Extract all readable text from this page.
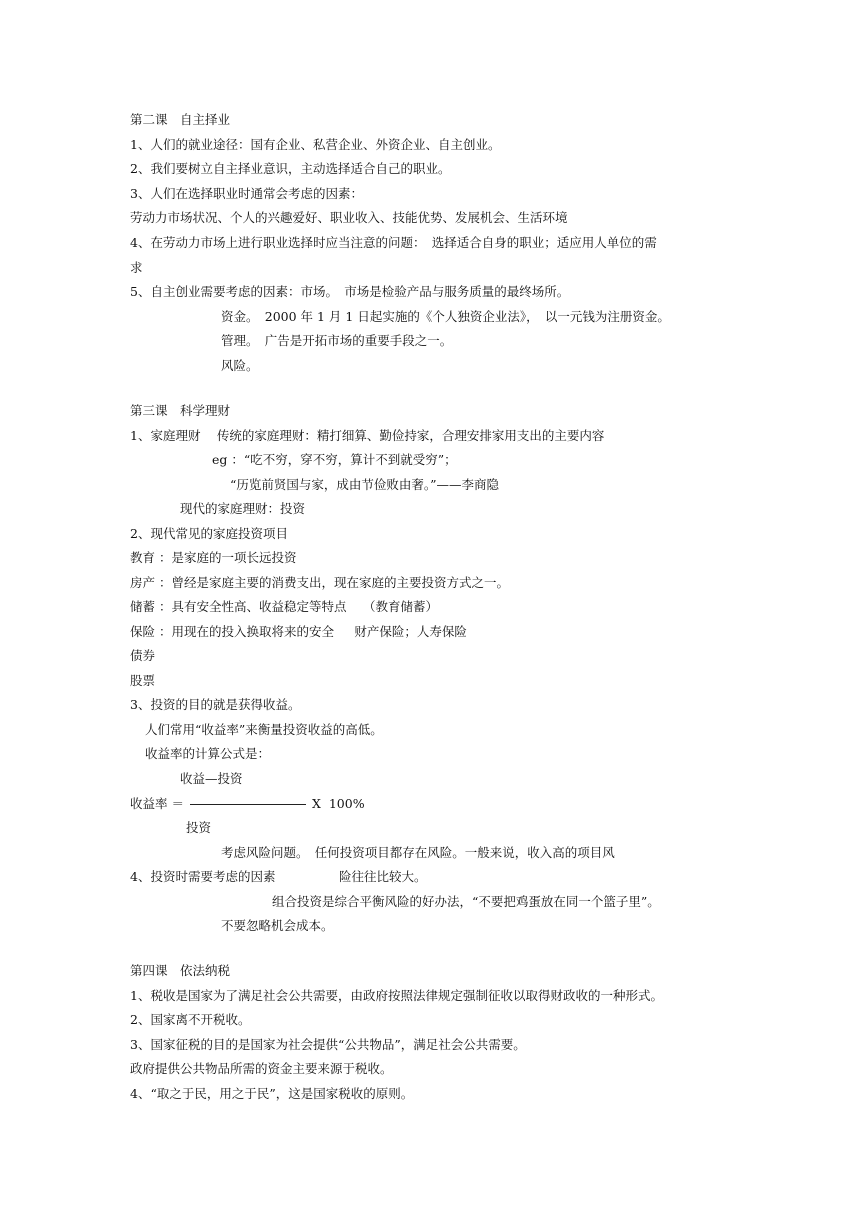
第二课　自主择业
1、人们的就业途径：国有企业、私营企业、外资企业、自主创业。
2、我们要树立自主择业意识，主动选择适合自己的职业。
3、人们在选择职业时通常会考虑的因素：
劳动力市场状况、个人的兴趣爱好、职业收入、技能优势、发展机会、生活环境
4、在劳动力市场上进行职业选择时应当注意的问题：　选择适合自身的职业；适应用人单位的需
求
5、自主创业需要考虑的因素：市场。　市场是检验产品与服务质量的最终场所。
资金。　2000 年 1 月 1 日起实施的《个人独资企业法》，　以一元钱为注册资金。
管理。　广告是开拓市场的重要手段之一。
风险。
第三课　科学理财
1、家庭理财　 传统的家庭理财：精打细算、勤俭持家，合理安排家用支出的主要内容
eg ：“吃不穷，穿不穷，算计不到就受穷”；
“历览前贤国与家，成由节俭败由奢。”——李商隐
现代的家庭理财：投资
2、现代常见的家庭投资项目
教育 ：是家庭的一项长远投资
房产 ：曾经是家庭主要的消费支出，现在家庭的主要投资方式之一。
储蓄 ：具有安全性高、收益稳定等特点　 （教育储蓄）
保险 ：用现在的投入换取将来的安全　  财产保险；人寿保险
债券
股票
3、投资的目的就是获得收益。
人们常用“收益率”来衡量投资收益的高低。
收益率的计算公式是：
收益—投资
收益率 ＝	X  100%
投资
考虑风险问题。　任何投资项目都存在风险。一般来说，收入高的项目风
4、投资时需要考虑的因素	险往往比较大。
组合投资是综合平衡风险的好办法，“不要把鸡蛋放在同一个篮子里”。
不要忽略机会成本。
第四课　依法纳税
1、税收是国家为了满足社会公共需要，由政府按照法律规定强制征收以取得财政收的一种形式。
2、国家离不开税收。
3、国家征税的目的是国家为社会提供“公共物品”，满足社会公共需要。
政府提供公共物品所需的资金主要来源于税收。
4、“取之于民，用之于民”，这是国家税收的原则。
